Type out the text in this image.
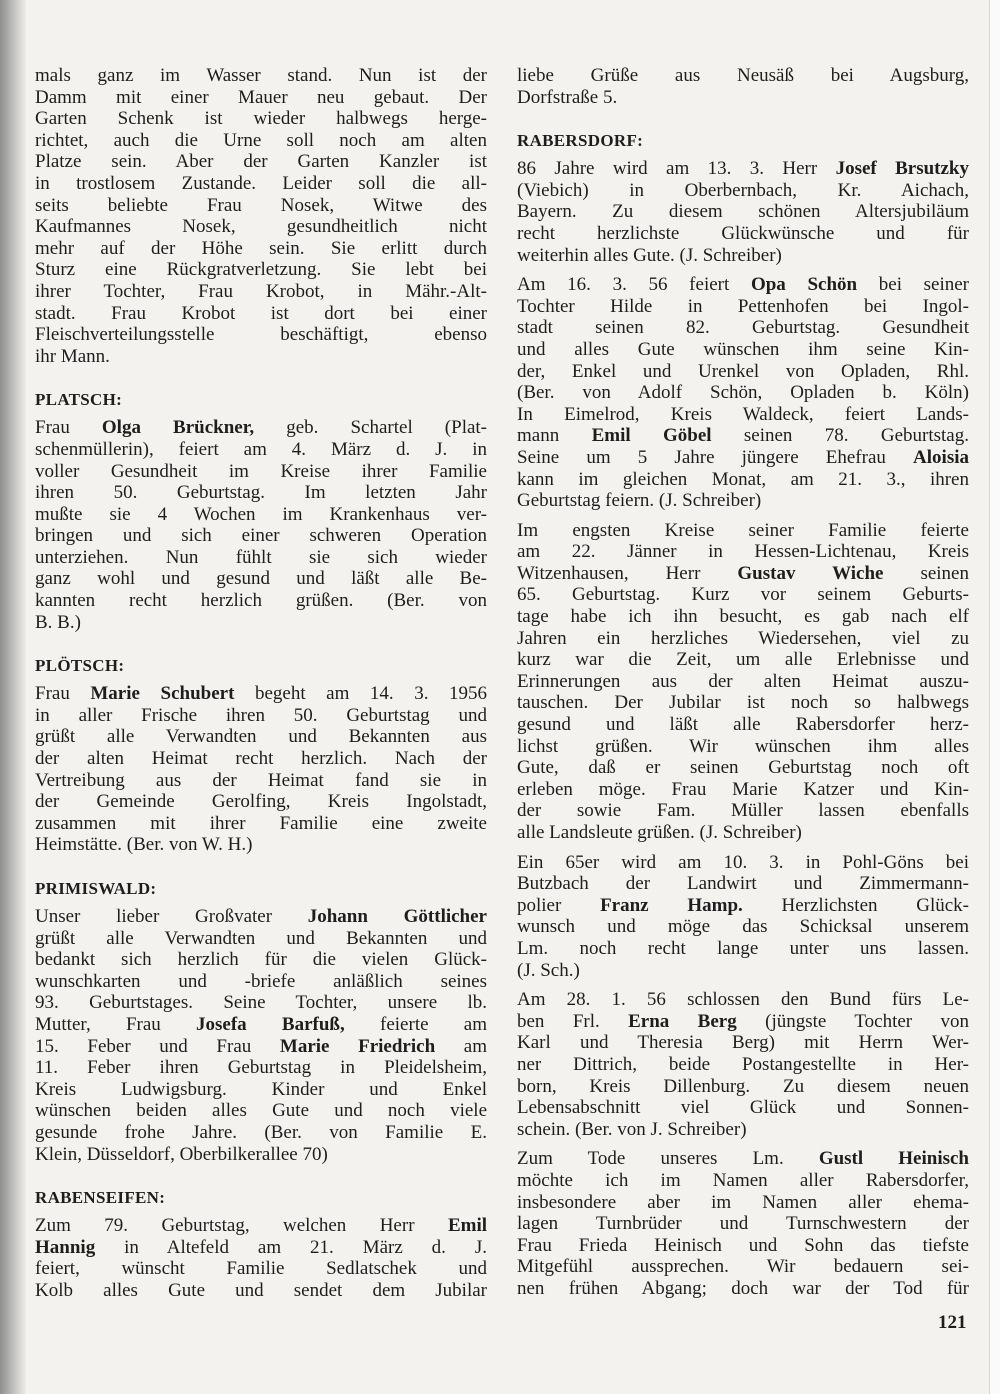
mals ganz im Wasser stand. Nun ist der
Damm mit einer Mauer neu gebaut. Der
Garten Schenk ist wieder halbwegs herge-
richtet, auch die Urne soll noch am alten
Platze sein. Aber der Garten Kanzler ist
in trostlosem Zustande. Leider soll die all-
seits beliebte Frau Nosek, Witwe des
Kaufmannes Nosek, gesundheitlich nicht
mehr auf der Höhe sein. Sie erlitt durch
Sturz eine Rückgratverletzung. Sie lebt bei
ihrer Tochter, Frau Krobot, in Mähr.-Alt-
stadt. Frau Krobot ist dort bei einer
Fleischverteilungsstelle beschäftigt, ebenso
ihr Mann.
PLATSCH:
Frau Olga Brückner, geb. Schartel (Plat-
schenmüllerin), feiert am 4. März d. J. in
voller Gesundheit im Kreise ihrer Familie
ihren 50. Geburtstag. Im letzten Jahr
mußte sie 4 Wochen im Krankenhaus ver-
bringen und sich einer schweren Operation
unterziehen. Nun fühlt sie sich wieder
ganz wohl und gesund und läßt alle Be-
kannten recht herzlich grüßen. (Ber. von
B. B.)
PLÖTSCH:
Frau Marie Schubert begeht am 14. 3. 1956
in aller Frische ihren 50. Geburtstag und
grüßt alle Verwandten und Bekannten aus
der alten Heimat recht herzlich. Nach der
Vertreibung aus der Heimat fand sie in
der Gemeinde Gerolfing, Kreis Ingolstadt,
zusammen mit ihrer Familie eine zweite
Heimstätte. (Ber. von W. H.)
PRIMISWALD:
Unser lieber Großvater Johann Göttlicher
grüßt alle Verwandten und Bekannten und
bedankt sich herzlich für die vielen Glück-
wunschkarten und -briefe anläßlich seines
93. Geburtstages. Seine Tochter, unsere lb.
Mutter, Frau Josefa Barfuß, feierte am
15. Feber und Frau Marie Friedrich am
11. Feber ihren Geburtstag in Pleidelsheim,
Kreis Ludwigsburg. Kinder und Enkel
wünschen beiden alles Gute und noch viele
gesunde frohe Jahre. (Ber. von Familie E.
Klein, Düsseldorf, Oberbilkerallee 70)
RABENSEIFEN:
Zum 79. Geburtstag, welchen Herr Emil
Hannig in Altefeld am 21. März d. J.
feiert, wünscht Familie Sedlatschek und
Kolb alles Gute und sendet dem Jubilar
liebe Grüße aus Neusäß bei Augsburg,
Dorfstraße 5.
RABERSDORF:
86 Jahre wird am 13. 3. Herr Josef Brsutzky
(Viebich) in Oberbernbach, Kr. Aichach,
Bayern. Zu diesem schönen Altersjubiläum
recht herzlichste Glückwünsche und für
weiterhin alles Gute. (J. Schreiber)
Am 16. 3. 56 feiert Opa Schön bei seiner
Tochter Hilde in Pettenhofen bei Ingol-
stadt seinen 82. Geburtstag. Gesundheit
und alles Gute wünschen ihm seine Kin-
der, Enkel und Urenkel von Opladen, Rhl.
(Ber. von Adolf Schön, Opladen b. Köln)
In Eimelrod, Kreis Waldeck, feiert Lands-
mann Emil Göbel seinen 78. Geburtstag.
Seine um 5 Jahre jüngere Ehefrau Aloisia
kann im gleichen Monat, am 21. 3., ihren
Geburtstag feiern. (J. Schreiber)
Im engsten Kreise seiner Familie feierte
am 22. Jänner in Hessen-Lichtenau, Kreis
Witzenhausen, Herr Gustav Wiche seinen
65. Geburtstag. Kurz vor seinem Geburts-
tage habe ich ihn besucht, es gab nach elf
Jahren ein herzliches Wiedersehen, viel zu
kurz war die Zeit, um alle Erlebnisse und
Erinnerungen aus der alten Heimat auszu-
tauschen. Der Jubilar ist noch so halbwegs
gesund und läßt alle Rabersdorfer herz-
lichst grüßen. Wir wünschen ihm alles
Gute, daß er seinen Geburtstag noch oft
erleben möge. Frau Marie Katzer und Kin-
der sowie Fam. Müller lassen ebenfalls
alle Landsleute grüßen. (J. Schreiber)
Ein 65er wird am 10. 3. in Pohl-Göns bei
Butzbach der Landwirt und Zimmermann-
polier Franz Hamp. Herzlichsten Glück-
wunsch und möge das Schicksal unserem
Lm. noch recht lange unter uns lassen.
(J. Sch.)
Am 28. 1. 56 schlossen den Bund fürs Le-
ben Frl. Erna Berg (jüngste Tochter von
Karl und Theresia Berg) mit Herrn Wer-
ner Dittrich, beide Postangestellte in Her-
born, Kreis Dillenburg. Zu diesem neuen
Lebensabschnitt viel Glück und Sonnen-
schein. (Ber. von J. Schreiber)
Zum Tode unseres Lm. Gustl Heinisch
möchte ich im Namen aller Rabersdorfer,
insbesondere aber im Namen aller ehema-
lagen Turnbrüder und Turnschwestern der
Frau Frieda Heinisch und Sohn das tiefste
Mitgefühl aussprechen. Wir bedauern sei-
nen frühen Abgang; doch war der Tod für
121
